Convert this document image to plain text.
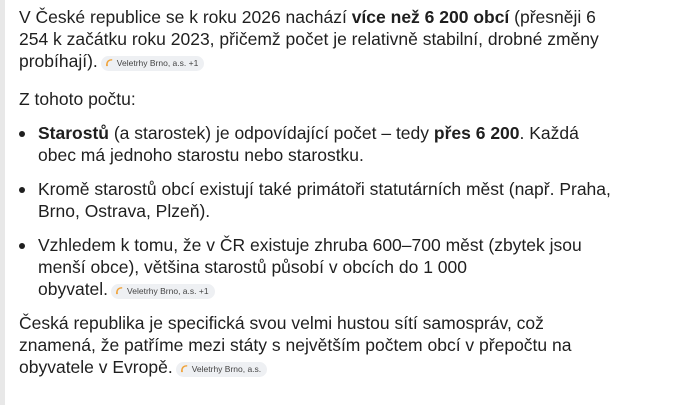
V České republice se k roku 2026 nachází více než 6 200 obcí (přesněji 6
254 k začátku roku 2023, přičemž počet je relativně stabilní, drobné změny
probíhají). Veletrhy Brno, a.s. +1

Z tohoto počtu:

Starostů (a starostek) je odpovídající počet – tedy přes 6 200. Každá
obec má jednoho starostu nebo starostku.
Kromě starostů obcí existují také primátoři statutárních měst (např. Praha,
Brno, Ostrava, Plzeň).
Vzhledem k tomu, že v ČR existuje zhruba 600–700 měst (zbytek jsou
menší obce), většina starostů působí v obcích do 1 000
obyvatel. Veletrhy Brno, a.s. +1

Česká republika je specifická svou velmi hustou sítí samospráv, což
znamená, že patříme mezi státy s největším počtem obcí v přepočtu na
obyvatele v Evropě. Veletrhy Brno, a.s.
